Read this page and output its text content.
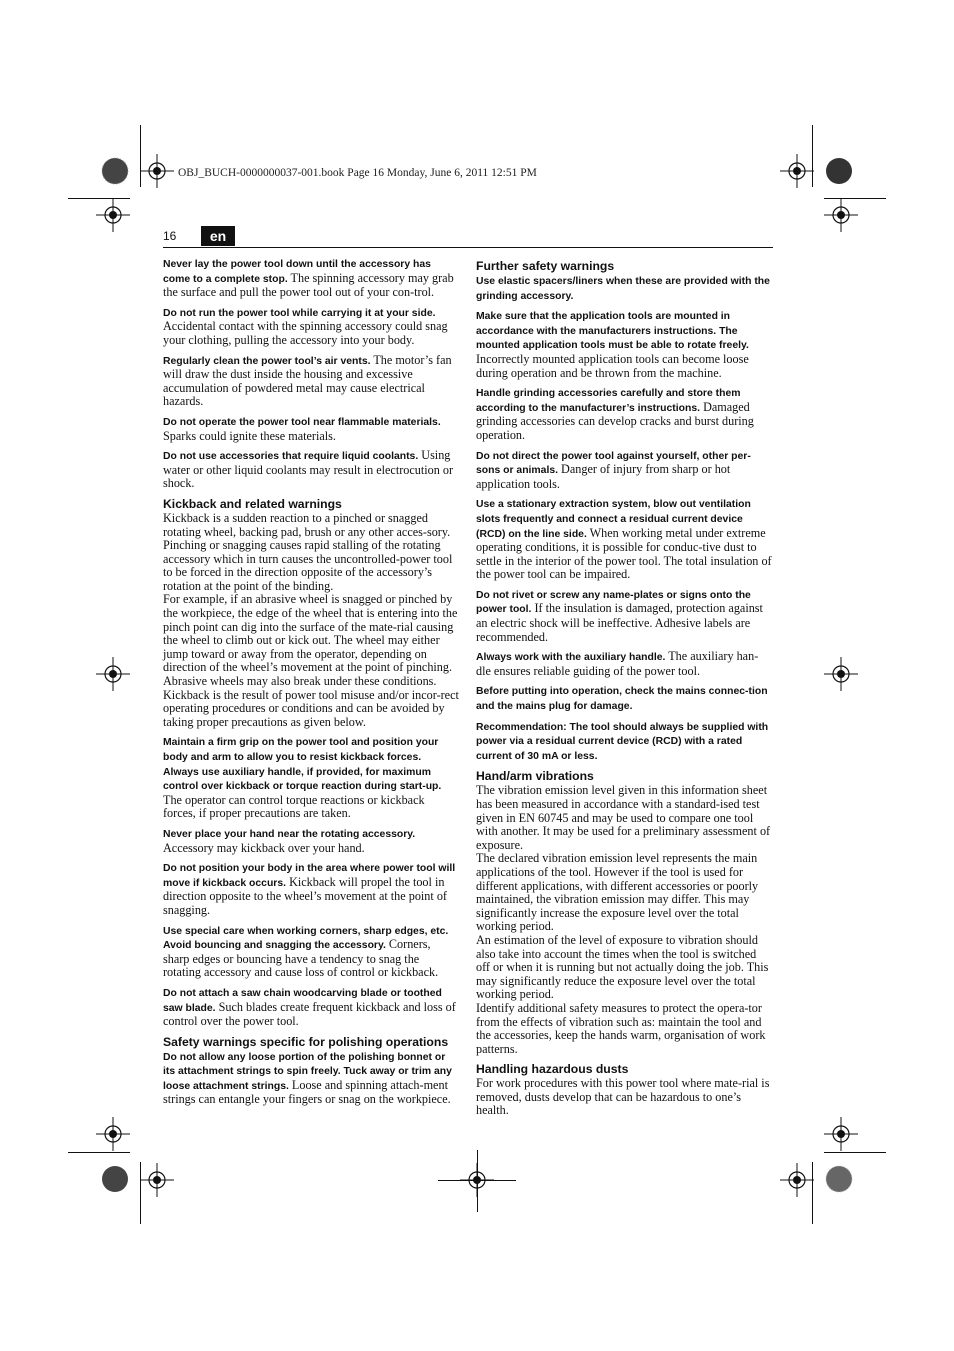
OBJ_BUCH-0000000037-001.book Page 16 Monday, June 6, 2011 12:51 PM
16	en
Never lay the power tool down until the accessory has come to a complete stop. The spinning accessory may grab the surface and pull the power tool out of your con-trol.
Do not run the power tool while carrying it at your side. Accidental contact with the spinning accessory could snag your clothing, pulling the accessory into your body.
Regularly clean the power tool’s air vents. The motor’s fan will draw the dust inside the housing and excessive accumulation of powdered metal may cause electrical hazards.
Do not operate the power tool near flammable materials. Sparks could ignite these materials.
Do not use accessories that require liquid coolants. Using water or other liquid coolants may result in electrocution or shock.
Kickback and related warnings
Kickback is a sudden reaction to a pinched or snagged rotating wheel, backing pad, brush or any other acces-sory. Pinching or snagging causes rapid stalling of the rotating accessory which in turn causes the uncontrolled-power tool to be forced in the direction opposite of the accessory’s rotation at the point of the binding.
For example, if an abrasive wheel is snagged or pinched by the workpiece, the edge of the wheel that is entering into the pinch point can dig into the surface of the mate-rial causing the wheel to climb out or kick out. The wheel may either jump toward or away from the operator, depending on direction of the wheel’s movement at the point of pinching. Abrasive wheels may also break under these conditions.
Kickback is the result of power tool misuse and/or incor-rect operating procedures or conditions and can be avoided by taking proper precautions as given below.
Maintain a firm grip on the power tool and position your body and arm to allow you to resist kickback forces. Always use auxiliary handle, if provided, for maximum control over kickback or torque reaction during start-up. The operator can control torque reactions or kickback forces, if proper precautions are taken.
Never place your hand near the rotating accessory. Accessory may kickback over your hand.
Do not position your body in the area where power tool will move if kickback occurs. Kickback will propel the tool in direction opposite to the wheel’s movement at the point of snagging.
Use special care when working corners, sharp edges, etc. Avoid bouncing and snagging the accessory. Corners, sharp edges or bouncing have a tendency to snag the rotating accessory and cause loss of control or kickback.
Do not attach a saw chain woodcarving blade or toothed saw blade. Such blades create frequent kickback and loss of control over the power tool.
Safety warnings specific for polishing operations
Do not allow any loose portion of the polishing bonnet or its attachment strings to spin freely. Tuck away or trim any loose attachment strings. Loose and spinning attach-ment strings can entangle your fingers or snag on the workpiece.
Further safety warnings
Use elastic spacers/liners when these are provided with the grinding accessory.
Make sure that the application tools are mounted in accordance with the manufacturers instructions. The mounted application tools must be able to rotate freely. Incorrectly mounted application tools can become loose during operation and be thrown from the machine.
Handle grinding accessories carefully and store them according to the manufacturer’s instructions. Damaged grinding accessories can develop cracks and burst during operation.
Do not direct the power tool against yourself, other per-sons or animals. Danger of injury from sharp or hot application tools.
Use a stationary extraction system, blow out ventilation slots frequently and connect a residual current device (RCD) on the line side. When working metal under extreme operating conditions, it is possible for conduc-tive dust to settle in the interior of the power tool. The total insulation of the power tool can be impaired.
Do not rivet or screw any name-plates or signs onto the power tool. If the insulation is damaged, protection against an electric shock will be ineffective. Adhesive labels are recommended.
Always work with the auxiliary handle. The auxiliary han-dle ensures reliable guiding of the power tool.
Before putting into operation, check the mains connec-tion and the mains plug for damage.
Recommendation: The tool should always be supplied with power via a residual current device (RCD) with a rated current of 30 mA or less.
Hand/arm vibrations
The vibration emission level given in this information sheet has been measured in accordance with a standard-ised test given in EN 60745 and may be used to compare one tool with another. It may be used for a preliminary assessment of exposure.
The declared vibration emission level represents the main applications of the tool. However if the tool is used for different applications, with different accessories or poorly maintained, the vibration emission may differ. This may significantly increase the exposure level over the total working period.
An estimation of the level of exposure to vibration should also take into account the times when the tool is switched off or when it is running but not actually doing the job. This may significantly reduce the exposure level over the total working period.
Identify additional safety measures to protect the opera-tor from the effects of vibration such as: maintain the tool and the accessories, keep the hands warm, organisation of work patterns.
Handling hazardous dusts
For work procedures with this power tool where mate-rial is removed, dusts develop that can be hazardous to one’s health.
